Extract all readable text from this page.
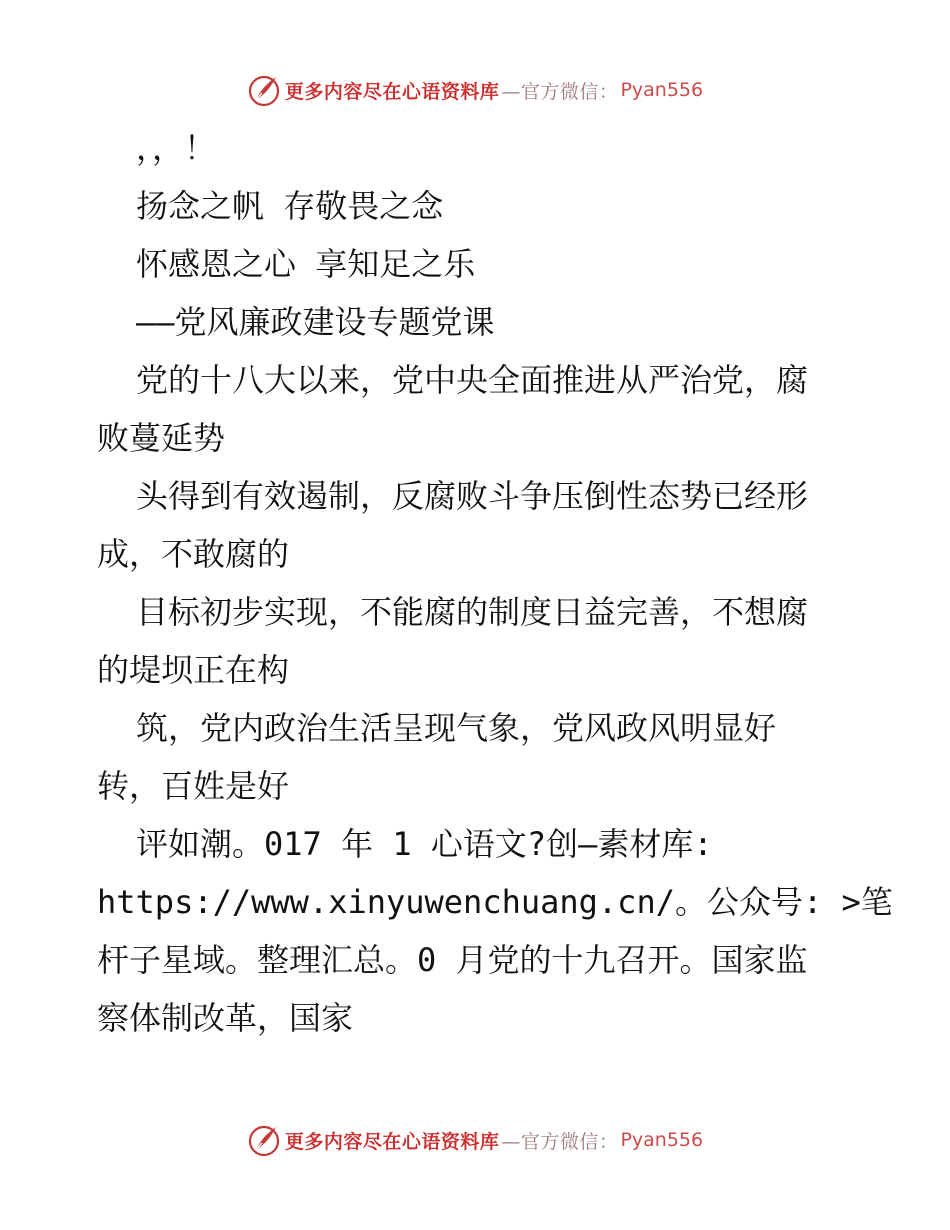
更多内容尽在心语资料库 —官方微信： Pyan556
，，！
扬念之帆 存敬畏之念
怀感恩之心 享知足之乐
——党风廉政建设专题党课
党的十八大以来，党中央全面推进从严治党，腐
败蔓延势
头得到有效遏制，反腐败斗争压倒性态势已经形
成，不敢腐的
目标初步实现，不能腐的制度日益完善，不想腐
的堤坝正在构
筑，党内政治生活呈现气象，党风政风明显好
转，百姓是好
评如潮。017 年 1 心语文?创—素材库:
https://www.xinyuwenchuang.cn/。公众号: >笔
杆子星域。整理汇总。0 月党的十九召开。国家监
察体制改革，国家
更多内容尽在心语资料库 —官方微信： Pyan556
